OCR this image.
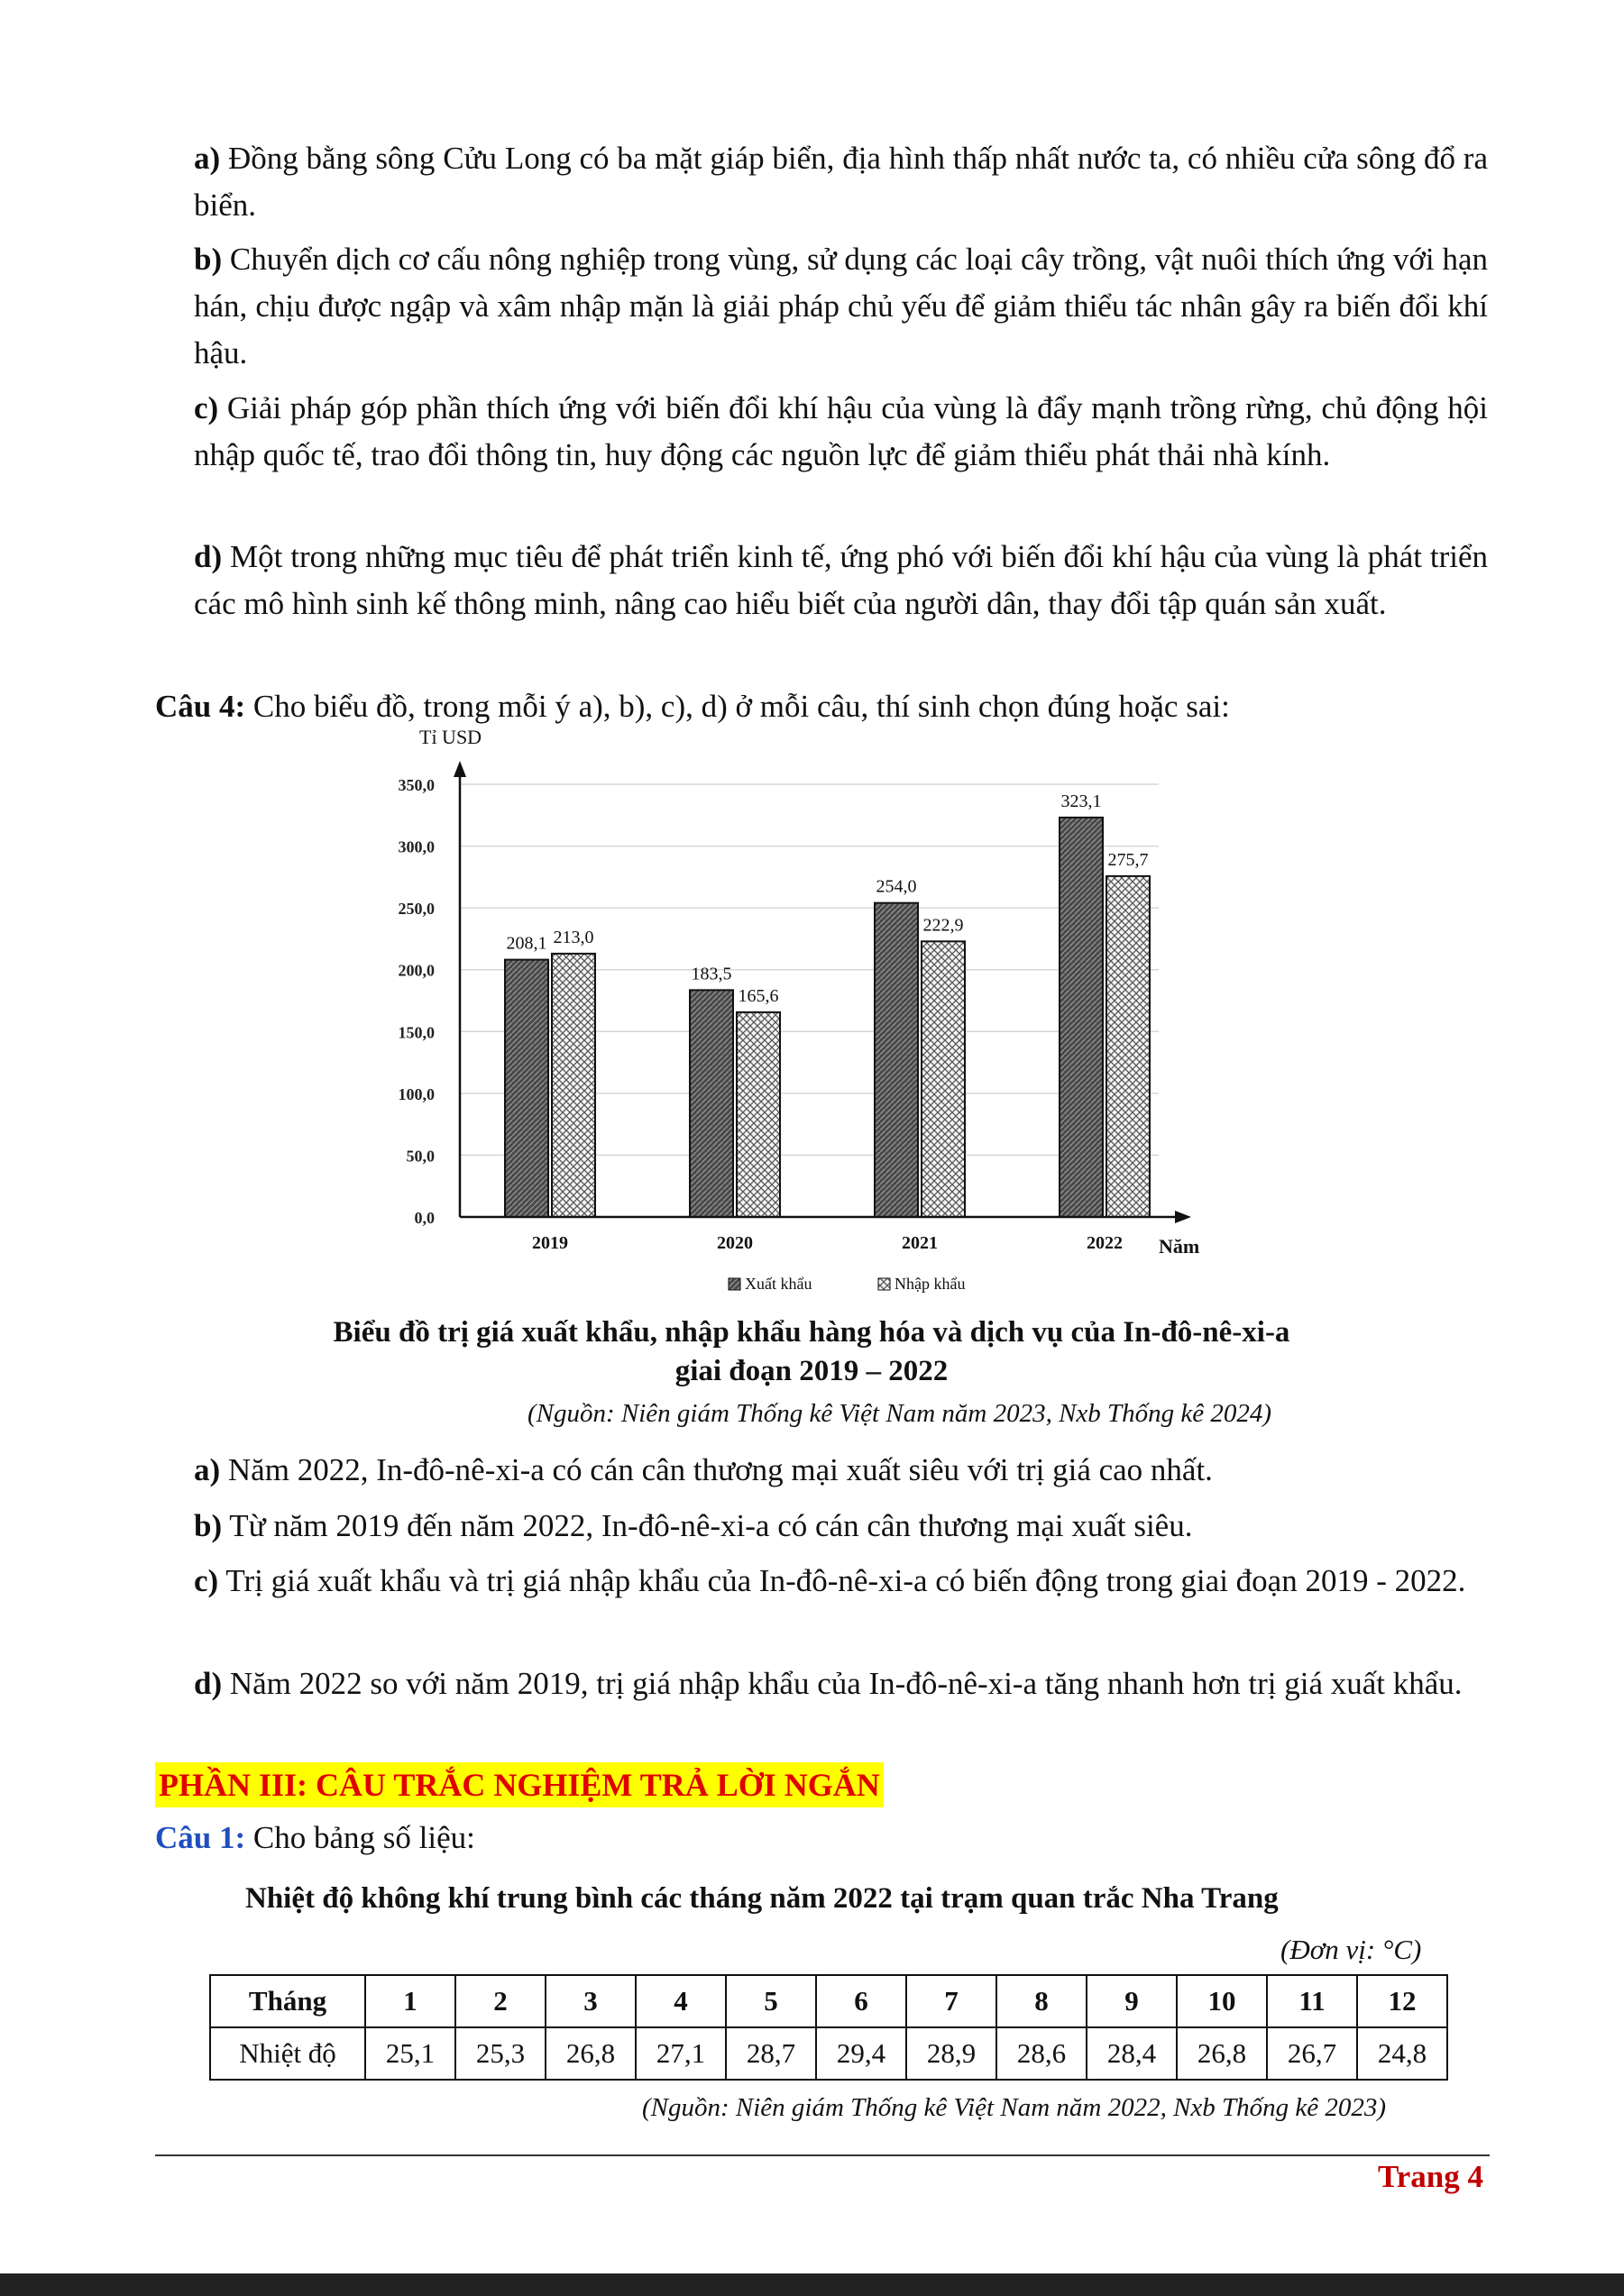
a) Đồng bằng sông Cửu Long có ba mặt giáp biển, địa hình thấp nhất nước ta, có nhiều cửa sông đổ ra biển.

b) Chuyển dịch cơ cấu nông nghiệp trong vùng, sử dụng các loại cây trồng, vật nuôi thích ứng với hạn hán, chịu được ngập và xâm nhập mặn là giải pháp chủ yếu để giảm thiểu tác nhân gây ra biến đổi khí hậu.

c) Giải pháp góp phần thích ứng với biến đổi khí hậu của vùng là đẩy mạnh trồng rừng, chủ động hội nhập quốc tế, trao đổi thông tin, huy động các nguồn lực để giảm thiểu phát thải nhà kính.

d) Một trong những mục tiêu để phát triển kinh tế, ứng phó với biến đổi khí hậu của vùng là phát triển các mô hình sinh kế thông minh, nâng cao hiểu biết của người dân, thay đổi tập quán sản xuất.

Câu 4: Cho biểu đồ, trong mỗi ý a), b), c), d) ở mỗi câu, thí sinh chọn đúng hoặc sai:

0,0
50,0
100,0
150,0
200,0
250,0
300,0
350,0
208,1 213,0
183,5
165,6
254,0
222,9
323,1
275,7
2019	2020	2021	2022
Tỉ USD
Năm
Xuất khẩu	Nhập khẩu

Biểu đồ trị giá xuất khẩu, nhập khẩu hàng hóa và dịch vụ của In-đô-nê-xi-a

giai đoạn 2019 – 2022

(Nguồn: Niên giám Thống kê Việt Nam năm 2023, Nxb Thống kê 2024)

a) Năm 2022, In-đô-nê-xi-a có cán cân thương mại xuất siêu với trị giá cao nhất.

b) Từ năm 2019 đến năm 2022, In-đô-nê-xi-a có cán cân thương mại xuất siêu.

c) Trị giá xuất khẩu và trị giá nhập khẩu của In-đô-nê-xi-a có biến động trong giai đoạn 2019 - 2022.

d) Năm 2022 so với năm 2019, trị giá nhập khẩu của In-đô-nê-xi-a tăng nhanh hơn trị giá xuất khẩu.

PHẦN III: CÂU TRẮC NGHIỆM TRẢ LỜI NGẮN

Câu 1: Cho bảng số liệu:

Nhiệt độ không khí trung bình các tháng năm 2022 tại trạm quan trắc Nha Trang

(Đơn vị: °C)

Tháng	1	2	3	4	5	6	7	8	9	10	11	12
Nhiệt độ	25,1	25,3	26,8	27,1	28,7	29,4	28,9	28,6	28,4	26,8	26,7	24,8

(Nguồn: Niên giám Thống kê Việt Nam năm 2022, Nxb Thống kê 2023)

Trang 4
